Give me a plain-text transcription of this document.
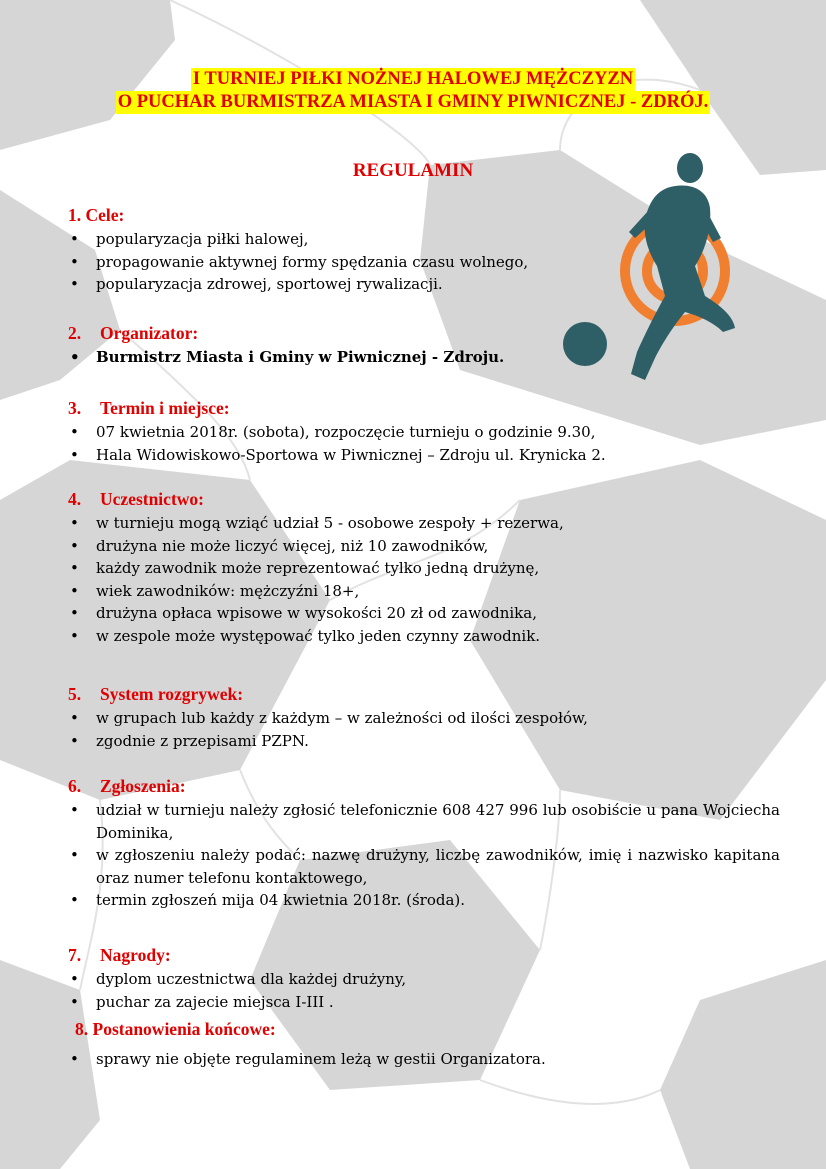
I TURNIEJ PIŁKI NOŻNEJ HALOWEJ MĘŻCZYZN
O PUCHAR BURMISTRZA MIASTA I GMINY PIWNICZNEJ - ZDRÓJ.
REGULAMIN
1. Cele:
• popularyzacja piłki halowej,
• propagowanie aktywnej formy spędzania czasu wolnego,
• popularyzacja zdrowej, sportowej rywalizacji.
2. Organizator:
• Burmistrz Miasta i Gminy w Piwnicznej - Zdroju.
3. Termin i miejsce:
• 07 kwietnia 2018r. (sobota), rozpoczęcie turnieju o godzinie 9.30,
• Hala Widowiskowo-Sportowa w Piwnicznej – Zdroju ul. Krynicka 2.
4. Uczestnictwo:
• w turnieju mogą wziąć udział 5 - osobowe zespoły + rezerwa,
• drużyna nie może liczyć więcej, niż 10 zawodników,
• każdy zawodnik może reprezentować tylko jedną drużynę,
• wiek zawodników: mężczyźni 18+,
• drużyna opłaca wpisowe w wysokości 20 zł od zawodnika,
• w zespole może występować tylko jeden czynny zawodnik.
5. System rozgrywek:
• w grupach lub każdy z każdym – w zależności od ilości zespołów,
• zgodnie z przepisami PZPN.
6. Zgłoszenia:
• udział w turnieju należy zgłosić telefonicznie 608 427 996 lub osobiście u pana Wojciecha Dominika,
• w zgłoszeniu należy podać: nazwę drużyny, liczbę zawodników, imię i nazwisko kapitana oraz numer telefonu kontaktowego,
• termin zgłoszeń mija 04 kwietnia 2018r. (środa).
7. Nagrody:
• dyplom uczestnictwa dla każdej drużyny,
• puchar za zajecie miejsca I-III .
8. Postanowienia końcowe:
• sprawy nie objęte regulaminem leżą w gestii Organizatora.
